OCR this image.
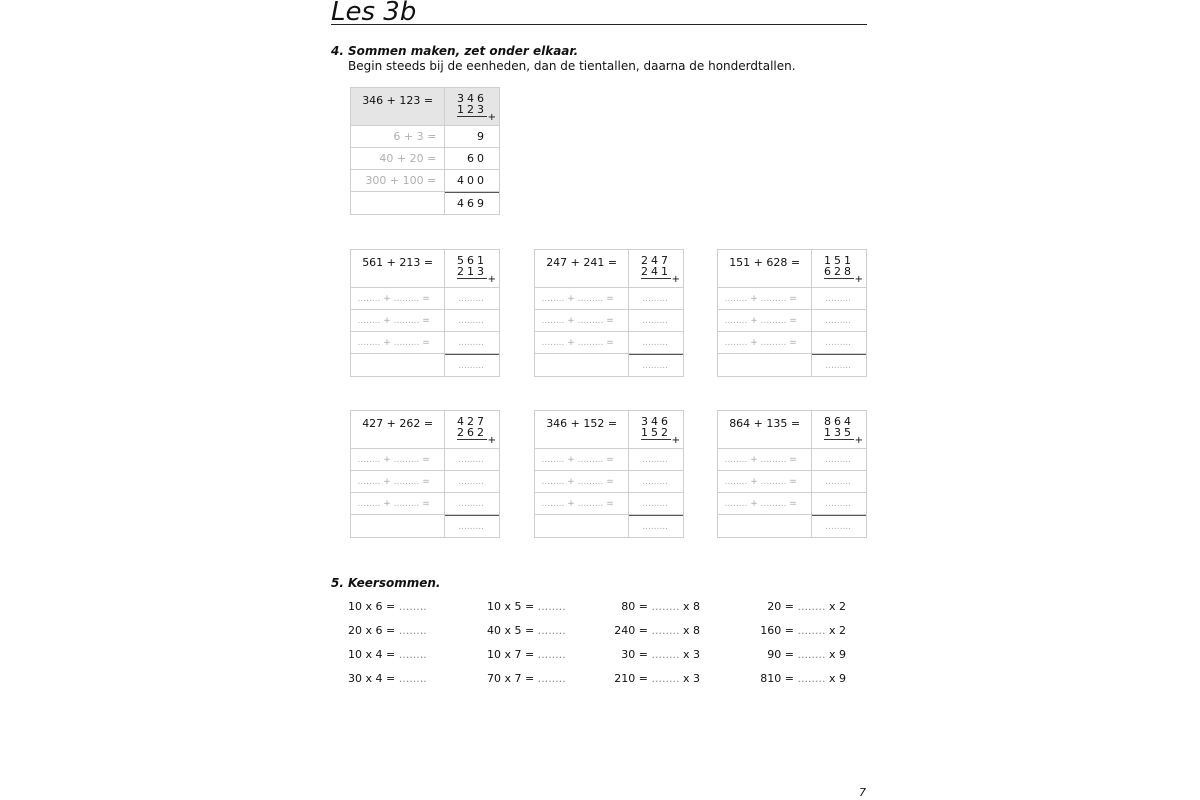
Les 3b
4. Sommen maken, zet onder elkaar.
Begin steeds bij de eenheden, dan de tientallen, daarna de honderdtallen.
346 + 123 =	346
123
+
6 + 3 =	9
40 + 20 =	60
300 + 100 =	400
469
561 + 213 =	561
213
+
........ + ......... =	.........
........ + ......... =	.........
........ + ......... =	.........
.........
247 + 241 =	247
241
+
........ + ......... =	.........
........ + ......... =	.........
........ + ......... =	.........
.........
151 + 628 =	151
628
+
........ + ......... =	.........
........ + ......... =	.........
........ + ......... =	.........
.........
427 + 262 =	427
262
+
........ + ......... =	.........
........ + ......... =	.........
........ + ......... =	.........
.........
346 + 152 =	346
152
+
........ + ......... =	.........
........ + ......... =	.........
........ + ......... =	.........
.........
864 + 135 =	864
135
+
........ + ......... =	.........
........ + ......... =	.........
........ + ......... =	.........
.........
5. Keersommen.
10 x 6 = ........	10 x 5 = ........	80 = ........ x 8	20 = ........ x 2
20 x 6 = ........	40 x 5 = ........	240 = ........ x 8	160 = ........ x 2
10 x 4 = ........	10 x 7 = ........	30 = ........ x 3	90 = ........ x 9
30 x 4 = ........	70 x 7 = ........	210 = ........ x 3	810 = ........ x 9
7
